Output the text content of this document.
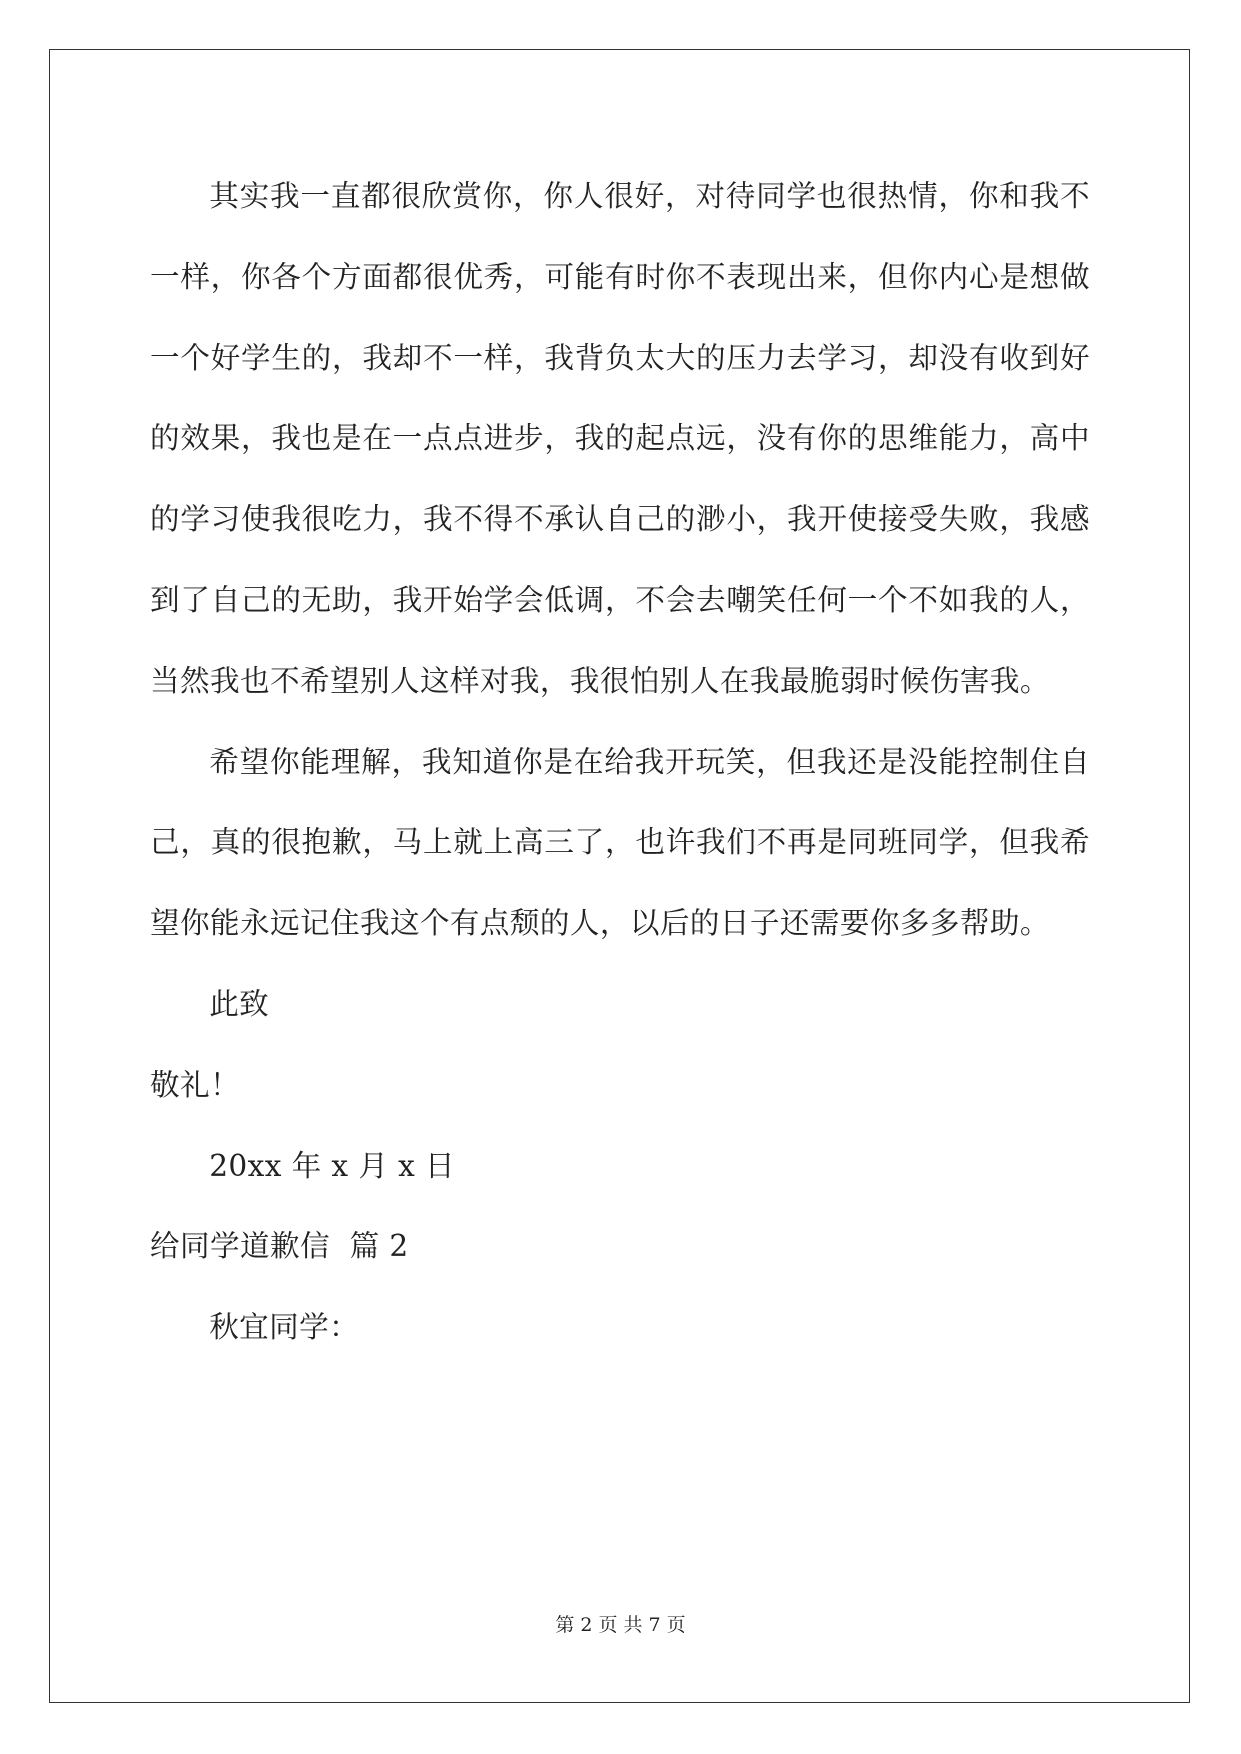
其实我一直都很欣赏你，你人很好，对待同学也很热情，你和我不一样，你各个方面都很优秀，可能有时你不表现出来，但你内心是想做一个好学生的，我却不一样，我背负太大的压力去学习，却没有收到好的效果，我也是在一点点进步，我的起点远，没有你的思维能力，高中的学习使我很吃力，我不得不承认自己的渺小，我开使接受失败，我感到了自己的无助，我开始学会低调，不会去嘲笑任何一个不如我的人，当然我也不希望别人这样对我，我很怕别人在我最脆弱时候伤害我。

希望你能理解，我知道你是在给我开玩笑，但我还是没能控制住自己，真的很抱歉，马上就上高三了，也许我们不再是同班同学，但我希望你能永远记住我这个有点颓的人，以后的日子还需要你多多帮助。

此致

敬礼！

20xx 年 x 月 x 日

给同学道歉信  篇 2

秋宜同学：

第 2 页 共 7 页
